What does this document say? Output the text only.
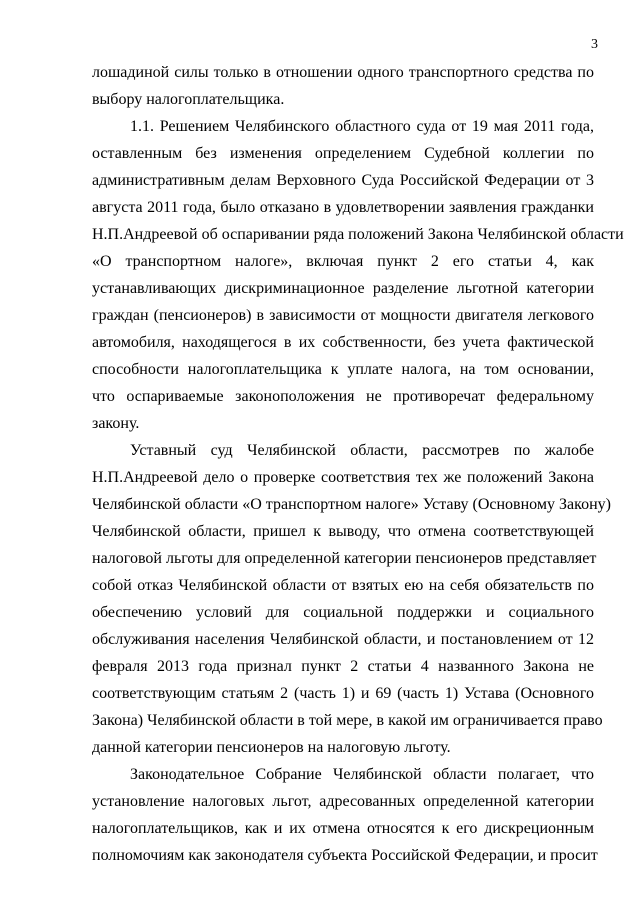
3
лошадиной силы только в отношении одного транспортного средства по
выбору налогоплательщика.
1.1. Решением Челябинского областного суда от 19 мая 2011 года,
оставленным без изменения определением Судебной коллегии по
административным делам Верховного Суда Российской Федерации от 3
августа 2011 года, было отказано в удовлетворении заявления гражданки
Н.П.Андреевой об оспаривании ряда положений Закона Челябинской области
«О транспортном налоге», включая пункт 2 его статьи 4, как
устанавливающих дискриминационное разделение льготной категории
граждан (пенсионеров) в зависимости от мощности двигателя легкового
автомобиля, находящегося в их собственности, без учета фактической
способности налогоплательщика к уплате налога, на том основании,
что оспариваемые законоположения не противоречат федеральному
закону.
Уставный суд Челябинской области, рассмотрев по жалобе
Н.П.Андреевой дело о проверке соответствия тех же положений Закона
Челябинской области «О транспортном налоге» Уставу (Основному Закону)
Челябинской области, пришел к выводу, что отмена соответствующей
налоговой льготы для определенной категории пенсионеров представляет
собой отказ Челябинской области от взятых ею на себя обязательств по
обеспечению условий для социальной поддержки и социального
обслуживания населения Челябинской области, и постановлением от 12
февраля 2013 года признал пункт 2 статьи 4 названного Закона не
соответствующим статьям 2 (часть 1) и 69 (часть 1) Устава (Основного
Закона) Челябинской области в той мере, в какой им ограничивается право
данной категории пенсионеров на налоговую льготу.
Законодательное Собрание Челябинской области полагает, что
установление налоговых льгот, адресованных определенной категории
налогоплательщиков, как и их отмена относятся к его дискреционным
полномочиям как законодателя субъекта Российской Федерации, и просит
